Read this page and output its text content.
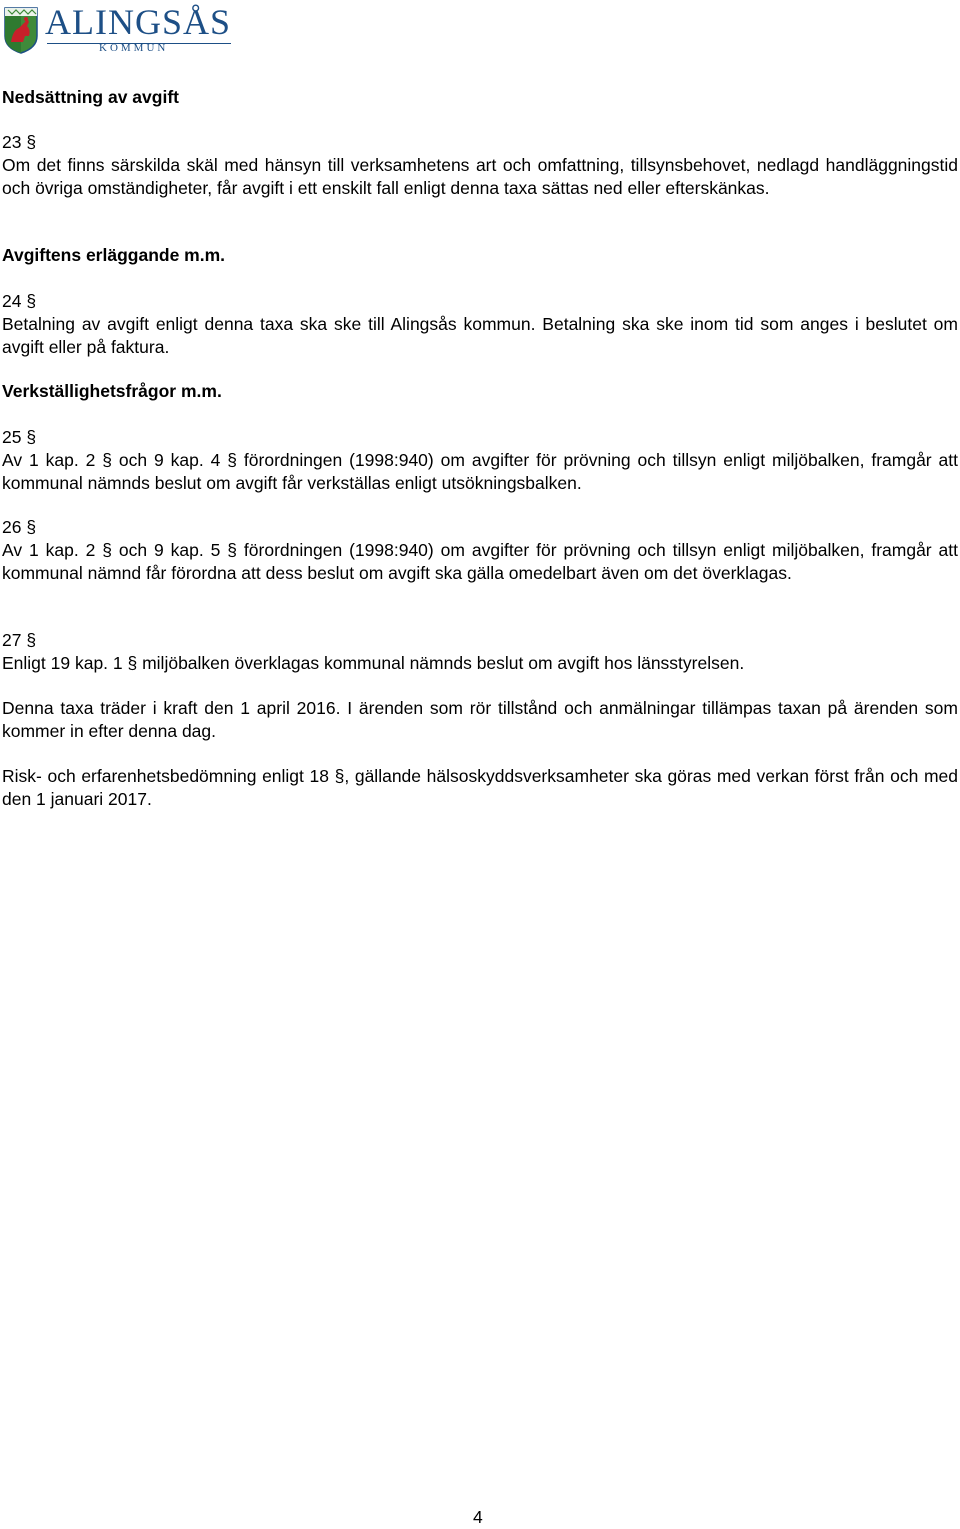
ALINGSÅS
KOMMUN
Nedsättning av avgift
23 §
Om det finns särskilda skäl med hänsyn till verksamhetens art och omfattning, tillsynsbehovet, nedlagd handläggningstid och övriga omständigheter, får avgift i ett enskilt fall enligt denna taxa sättas ned eller efterskänkas.
Avgiftens erläggande m.m.
24 §
Betalning av avgift enligt denna taxa ska ske till Alingsås kommun. Betalning ska ske inom tid som anges i beslutet om avgift eller på faktura.
Verkställighetsfrågor m.m.
25 §
Av 1 kap. 2 § och 9 kap. 4 § förordningen (1998:940) om avgifter för prövning och tillsyn enligt miljöbalken, framgår att kommunal nämnds beslut om avgift får verkställas enligt utsökningsbalken.
26 §
Av 1 kap. 2 § och 9 kap. 5 § förordningen (1998:940) om avgifter för prövning och tillsyn enligt miljöbalken, framgår att kommunal nämnd får förordna att dess beslut om avgift ska gälla omedelbart även om det överklagas.
27 §
Enligt 19 kap. 1 § miljöbalken överklagas kommunal nämnds beslut om avgift hos länsstyrelsen.
Denna taxa träder i kraft den 1 april 2016. I ärenden som rör tillstånd och anmälningar tillämpas taxan på ärenden som kommer in efter denna dag.
Risk- och erfarenhetsbedömning enligt 18 §, gällande hälsoskyddsverksamheter ska göras med verkan först från och med den 1 januari 2017.
4
